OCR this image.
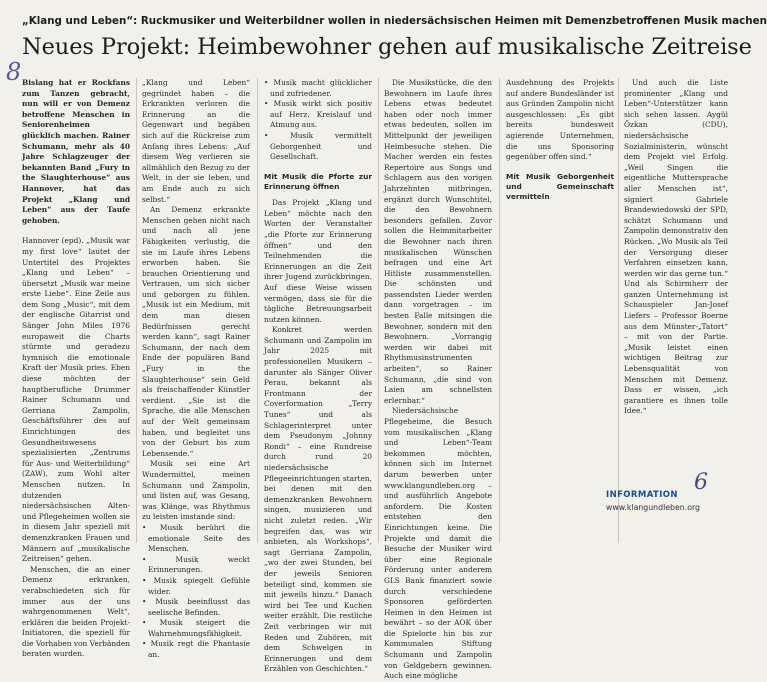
„Klang und Leben“: Ruckmusiker und Weiterbildner wollen in niedersächsischen Heimen mit Demenzbetroffenen Musik machen
Neues Projekt: Heimbewohner gehen auf musikalische Zeitreise
8 Bislang hat er Rockfans zum Tanzen gebracht, nun will er von Demenz betroffene Menschen in Seniorenheimen glücklich machen. Rainer Schumann, mehr als 40 Jahre Schlagzeuger der bekannten Band „Fury in the Slaughterhouse“ aus Hannover, hat das Projekt „Klang und Leben“ aus der Taufe gehoben.

Hannover (epd). „Musik war my first love“ lautet der Untertitel des Projektes „Klang und Leben“ – übersetzt „Musik war meine erste Liebe“. Eine Zeile aus dem Song „Music“, mit dem der englische Gitarrist und Sänger John Miles 1976 europaweit die Charts stürmte und geradezu hymnisch die emotionale Kraft der Musik pries. Eben diese möchten der hauptberufliche Drummer Rainer Schumann und Gerriana Zampolin, Geschäftsführer des auf Einrichtungen des Gesundheitswesens spezialisierten „Zentrums für Aus- und Weiterbildung“ (ZAW), zum Wohl alter Menschen nutzen. In dutzenden niedersächsischen Alten- und Pflegeheimen wollen sie in diesem Jahr speziell mit demenzkranken Frauen und Männern auf „musikalische Zeitreisen“ gehen.

Menschen, die an einer Demenz erkranken, verabschiedeten sich für immer aus der uns wahrgenommenen Welt“, erklären die beiden Projekt-Initiatoren, die speziell für die Vorhaben von Verbänden beraten wurden.

„Klang und Leben“ gegründet haben – die Erkrankten verloren die Erinnerung an die Gegenwart und begäben sich auf die Rückreise zum Anfang ihres Lebens: „Auf diesem Weg verlieren sie allmählich den Bezug zu der Welt, in der sie leben, und am Ende auch zu sich selbst.“

An Demenz erkrankte Menschen gehen nicht nach und nach all jene Fähigkeiten verlustig, die sie im Laufe ihres Lebens erworben haben. Sie brauchen Orientierung und Vertrauen, um sich sicher und geborgen zu fühlen. „Musik ist ein Medium, mit dem man diesen Bedürfnissen gerecht werden kann“, sagt Rainer Schumann, der nach dem Ende der populären Band „Fury in the Slaughterhouse“ sein Geld als freischaffender Künstler verdient. „Sie ist die Sprache, die alle Menschen auf der Welt gemeinsam haben, und begleitet uns von der Geburt bis zum Lebensende.“

Musik sei eine Art Wundermittel, meinen Schumann und Zampolin, und listen auf, was Gesang, was Klänge, was Rhythmus zu leisten imstande sind:

• Musik berührt die emotionale Seite des Menschen.
• Musik weckt Erinnerungen.
• Musik spiegelt Gefühle wider.
• Musik beeinflusst das seelische Befinden.
• Musik steigert die Wahrnehmungsfähigkeit.
• Musik regt die Phantasie an.
• Musik macht glücklicher und zufriedener.
• Musik wirkt sich positiv auf Herz, Kreislauf und Atmung aus.
• Musik vermittelt Geborgenheit und Gesellschaft.

Mit Musik die Pforte zur Erinnerung öffnen

Das Projekt „Klang und Leben“ möchte nach den Worten der Veranstalter „die Pforte zur Erinnerung öffnen“ und den Teilnehmenden die Erinnerungen an die Zeit ihrer Jugend zurückbringen. Auf diese Weise wissen vermögen, dass sie für die tägliche Betreuungsarbeit nutzen können.

Konkret werden Schumann und Zampolin im Jahr 2025 mit professionellen Musikern – darunter als Sänger Oliver Perau, bekannt als Frontmann der Coverformation „Terry Tunes“ und als Schlagerinterpret unter dem Pseudonym „Johnny Rondi“ – eine Rundreise durch rund 20 niedersächsische Pflegeeinrichtungen starten, bei denen mit den demenzkranken Bewohnern singen, musizieren und nicht zuletzt reden. „Wir begreifen das, was wir anbieten, als Workshops“, sagt Gerriana Zampolin, „wo der zwei Stunden, bei der jeweils Senioren beteiligt sind, kommen sie mit jeweils hinzu.“ Danach wird bei Tee und Kuchen weiter erzählt. Die restliche Zeit verbringen wir mit Reden und Zuhören, mit dem Schwelgen in Erinnerungen und dem Erzählen von Geschichten.“

Die Musikstücke, die den Bewohnern im Laufe ihres Lebens etwas bedeutet haben oder noch immer etwas bedeuten, sollen im Mittelpunkt der jeweiligen Heimbesuche stehen. Die Macher werden ein festes Repertoire aus Songs und Schlagern aus den vorigen Jahrzehnten mitbringen, ergänzt durch Wunschtitel, die den Bewohnern besonders gefallen. Zuvor sollen die Heimmitarbeiter die Bewohner nach ihren musikalischen Wünschen befragen und eine Art Hitliste zusammenstellen. Die schönsten und passendsten Lieder werden dann vorgetragen – im besten Falle mitsingen die Bewohner, sondern mit den Bewohnern. „Vorrangig werden wir dabei mit Rhythmusinstrumenten arbeiten“, so Rainer Schumann, „die sind von Laien am schnellsten erlernbar.“

Niedersächsische Pflegeheime, die Besuch vom musikalischen „Klang und Leben“-Team bekommen möchten, können sich im Internet darum bewerben unter www.klangundleben.org – und ausführlich Angebote anfordern. Die Kosten entstehen den Einrichtungen keine. Die Projekte und damit die Besuche der Musiker wird über eine Regionale Förderung unter anderem GLS Bank finanziert sowie durch verschiedene Sponsoren geförderten Heimen in den Heimen ist bewährt – so der AOK über die Spielorte hin bis zur Kommunalen Stiftung Schumann und Zampolin von Geldgebern gewinnen. Auch eine mögliche

Ausdehnung des Projekts auf andere Bundesländer ist aus Gründen Zampolin nicht ausgeschlossen: „Es gibt bereits bundesweit agierende Unternehmen, die uns Sponsoring gegenüber offen sind.“

Mit Musik Geborgenheit und Gemeinschaft vermitteln

Und auch die Liste prominenter „Klang und Leben“-Unterstützer kann sich sehen lassen. Aygül Özkan (CDU), niedersächsische Sozialministerin, wünscht dem Projekt viel Erfolg. „Weil Singen die eigentliche Muttersprache aller Menschen ist“, signiert Gabriele Brandewiedowski der SPD, schätzt Schumann und Zampolin demonstrativ den Rücken. „Wo Musik als Teil der Versorgung dieser Verfahren einsetzen kann, werden wir das gerne tun.“ Und als Schirmherr der ganzen Unternehmung ist Schauspieler Jan-Josef Liefers – Professor Boerne aus dem Münster-„Tatort“ – mit von der Partie. „Musik leistet einen wichtigen Beitrag zur Lebensqualität von Menschen mit Demenz. Dass er wissen, „ich garantiere es ihnen tolle Idee.“

INFORMATION
www.klangundleben.org
6
